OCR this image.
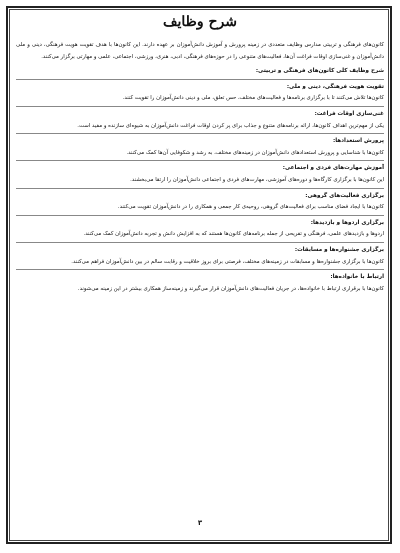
شرح وظایف

کانون‌های فرهنگی و تربیتی مدارس وظایف متعددی در زمینه پرورش و آموزش دانش‌آموزان بر عهده دارند. این کانون‌ها با هدف تقویت هویت فرهنگی، دینی و ملی دانش‌آموزان و غنی‌سازی اوقات فراغت آن‌ها، فعالیت‌های متنوعی را در حوزه‌های فرهنگی، ادبی، هنری، ورزشی، اجتماعی، علمی و مهارتی برگزار می‌کنند.

شرح وظایف کلی کانون‌های فرهنگی و تربیتی:

تقویت هویت فرهنگی، دینی و ملی:

کانون‌ها تلاش می‌کنند تا با برگزاری برنامه‌ها و فعالیت‌های مختلف، حس تعلق، ملی و دینی دانش‌آموزان را تقویت کنند.

غنی‌سازی اوقات فراغت:

یکی از مهم‌ترین اهداف کانون‌ها، ارائه برنامه‌های متنوع و جذاب برای پر کردن اوقات فراغت دانش‌آموزان به شیوه‌ای سازنده و مفید است.

پرورش استعدادها:

کانون‌ها با شناسایی و پرورش استعدادهای دانش‌آموزان در زمینه‌های مختلف، به رشد و شکوفایی آن‌ها کمک می‌کنند.

آموزش مهارت‌های فردی و اجتماعی:

این کانون‌ها با برگزاری کارگاه‌ها و دوره‌های آموزشی، مهارت‌های فردی و اجتماعی دانش‌آموزان را ارتقا می‌بخشند.

برگزاری فعالیت‌های گروهی:

کانون‌ها با ایجاد فضای مناسب برای فعالیت‌های گروهی، روحیه‌ی کار جمعی و همکاری را در دانش‌آموزان تقویت می‌کنند.

برگزاری اردوها و بازدیدها:

اردوها و بازدیدهای علمی، فرهنگی و تفریحی از جمله برنامه‌های کانون‌ها هستند که به افزایش دانش و تجربه دانش‌آموزان کمک می‌کنند.

برگزاری جشنواره‌ها و مسابقات:

کانون‌ها با برگزاری جشنواره‌ها و مسابقات در زمینه‌های مختلف، فرصتی برای بروز خلاقیت و رقابت سالم در بین دانش‌آموزان فراهم می‌کنند.

ارتباط با خانواده‌ها:

کانون‌ها با برقراری ارتباط با خانواده‌ها، در جریان فعالیت‌های دانش‌آموزان قرار می‌گیرند و زمینه‌ساز همکاری بیشتر در این زمینه می‌شوند.

۳
